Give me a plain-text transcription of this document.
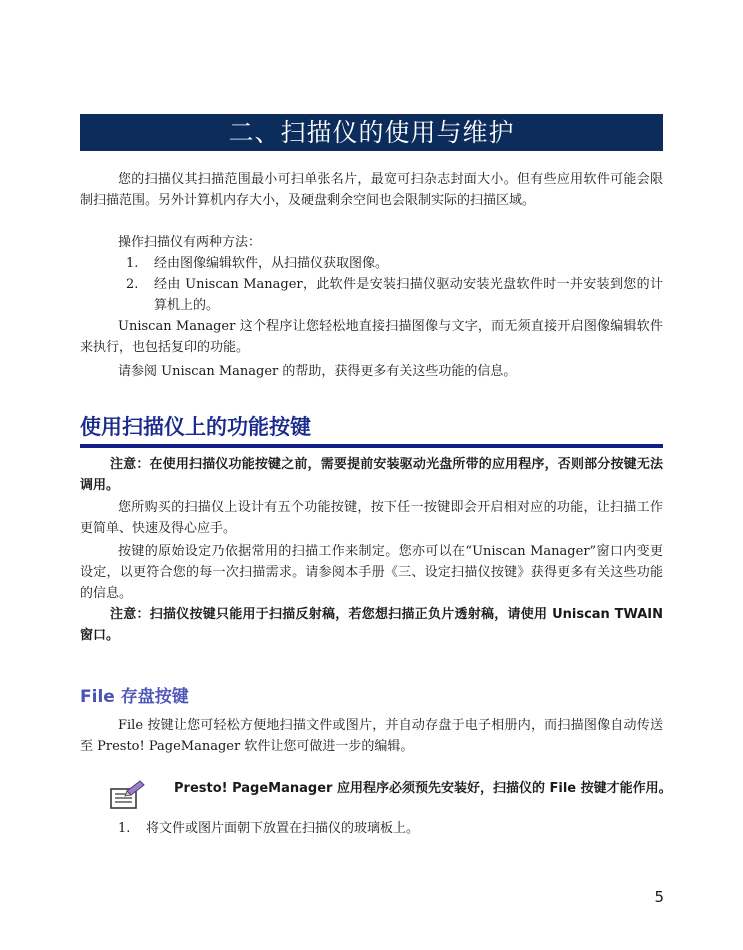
二、扫描仪的使用与维护

您的扫描仪其扫描范围最小可扫单张名片，最宽可扫杂志封面大小。但有些应用软件可能会限制扫描范围。另外计算机内存大小，及硬盘剩余空间也会限制实际的扫描区域。

操作扫描仪有两种方法：

1. 经由图像编辑软件，从扫描仪获取图像。
2. 经由 Uniscan Manager，此软件是安装扫描仪驱动安装光盘软件时一并安装到您的计算机上的。

Uniscan Manager 这个程序让您轻松地直接扫描图像与文字，而无须直接开启图像编辑软件来执行，也包括复印的功能。

请参阅 Uniscan Manager 的帮助，获得更多有关这些功能的信息。

使用扫描仪上的功能按键

注意：在使用扫描仪功能按键之前，需要提前安装驱动光盘所带的应用程序，否则部分按键无法调用。

您所购买的扫描仪上设计有五个功能按键，按下任一按键即会开启相对应的功能，让扫描工作更简单、快速及得心应手。

按键的原始设定乃依据常用的扫描工作来制定。您亦可以在“Uniscan Manager”窗口内变更设定，以更符合您的每一次扫描需求。请参阅本手册《三、设定扫描仪按键》获得更多有关这些功能的信息。

注意：扫描仪按键只能用于扫描反射稿，若您想扫描正负片透射稿，请使用 Uniscan TWAIN 窗口。

File 存盘按键

File 按键让您可轻松方便地扫描文件或图片，并自动存盘于电子相册内，而扫描图像自动传送至 Presto! PageManager 软件让您可做进一步的编辑。

Presto! PageManager 应用程序必须预先安装好，扫描仪的 File 按键才能作用。

1. 将文件或图片面朝下放置在扫描仪的玻璃板上。
5
